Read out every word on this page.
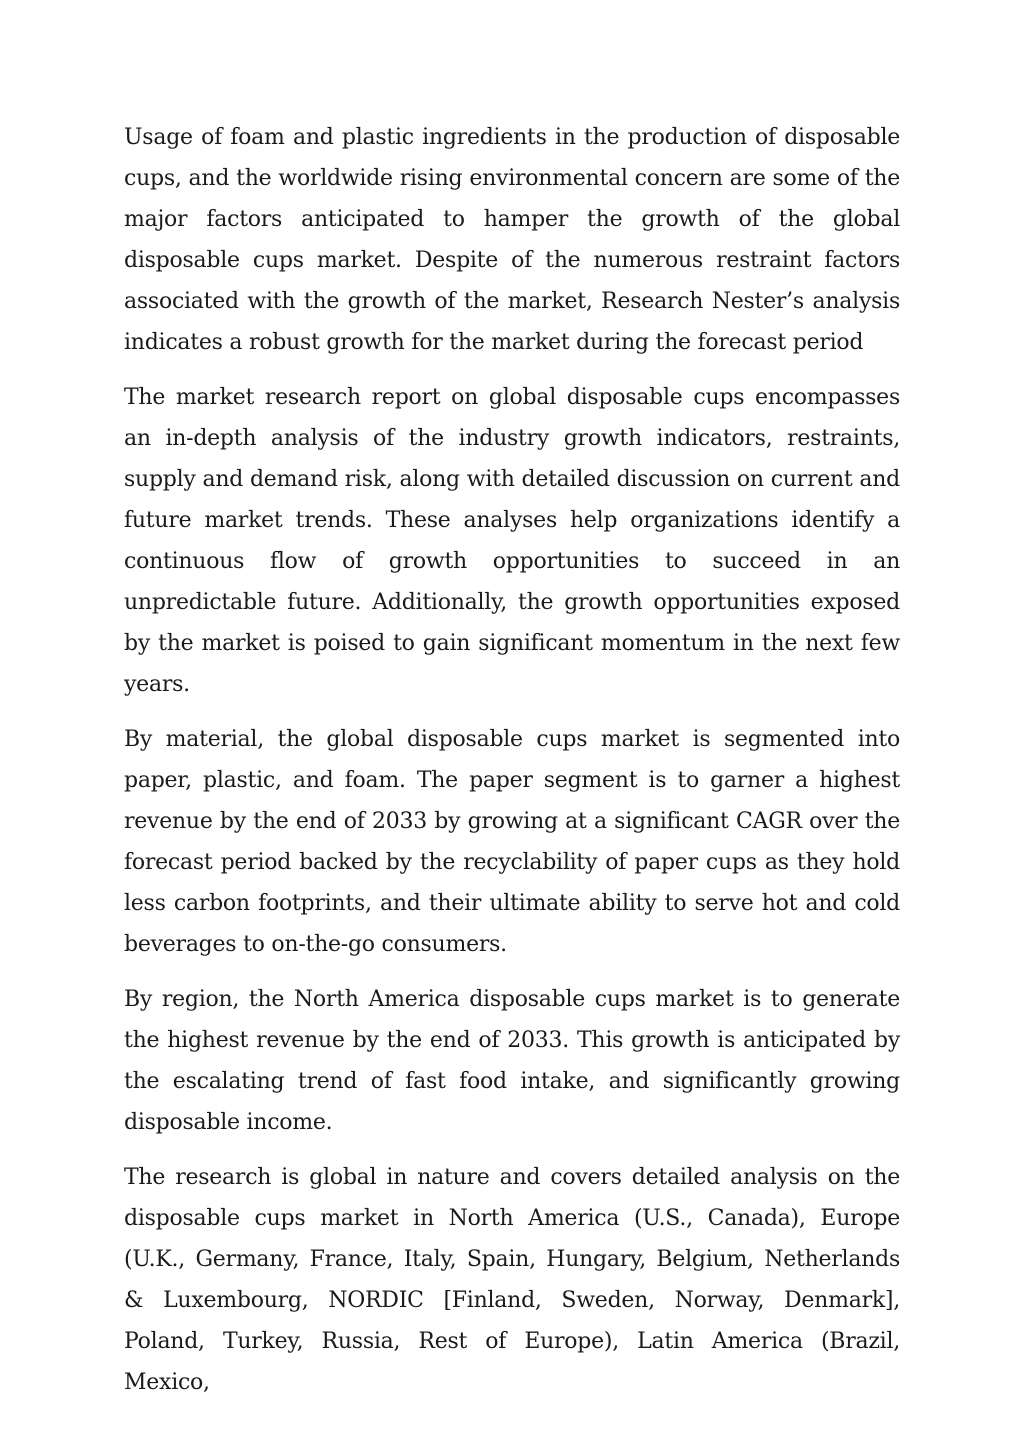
Usage of foam and plastic ingredients in the production of disposable cups, and the worldwide rising environmental concern are some of the major factors anticipated to hamper the growth of the global disposable cups market. Despite of the numerous restraint factors associated with the growth of the market, Research Nester’s analysis indicates a robust growth for the market during the forecast period

The market research report on global disposable cups encompasses an in-depth analysis of the industry growth indicators, restraints, supply and demand risk, along with detailed discussion on current and future market trends. These analyses help organizations identify a continuous flow of growth opportunities to succeed in an unpredictable future. Additionally, the growth opportunities exposed by the market is poised to gain significant momentum in the next few years.

By material, the global disposable cups market is segmented into paper, plastic, and foam. The paper segment is to garner a highest revenue by the end of 2033 by growing at a significant CAGR over the forecast period backed by the recyclability of paper cups as they hold less carbon footprints, and their ultimate ability to serve hot and cold beverages to on-the-go consumers.

By region, the North America disposable cups market is to generate the highest revenue by the end of 2033. This growth is anticipated by the escalating trend of fast food intake, and significantly growing disposable income.

The research is global in nature and covers detailed analysis on the disposable cups market in North America (U.S., Canada), Europe (U.K., Germany, France, Italy, Spain, Hungary, Belgium, Netherlands & Luxembourg, NORDIC [Finland, Sweden, Norway, Denmark], Poland, Turkey, Russia, Rest of Europe), Latin America (Brazil, Mexico,
